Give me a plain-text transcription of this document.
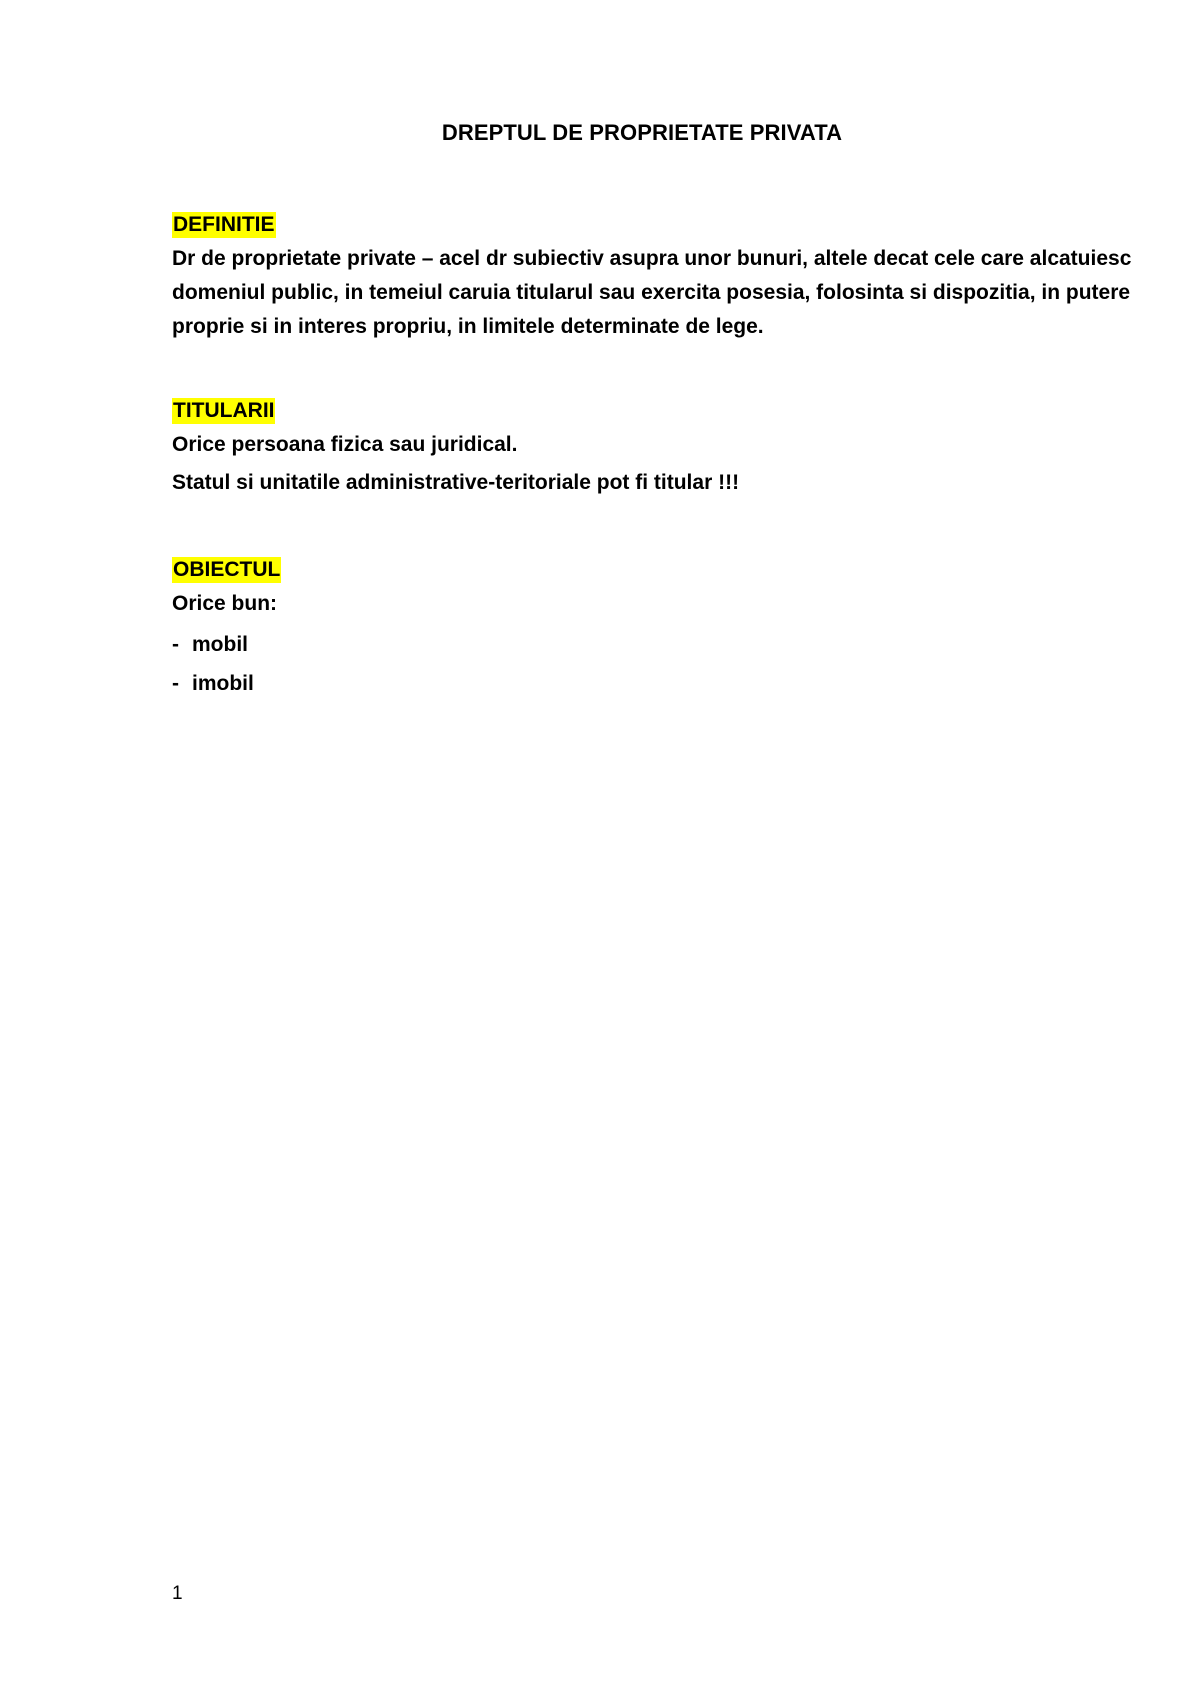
DREPTUL DE PROPRIETATE PRIVATA
DEFINITIE

Dr de proprietate private – acel dr subiectiv asupra unor bunuri, altele decat cele care alcatuiesc domeniul public, in temeiul caruia titularul sau exercita posesia, folosinta si dispozitia, in putere proprie si in interes propriu, in limitele determinate de lege.

TITULARII

Orice persoana fizica sau juridical.

Statul si unitatile administrative-teritoriale pot fi titular !!!

OBIECTUL

Orice bun:

- mobil
- imobil
1
